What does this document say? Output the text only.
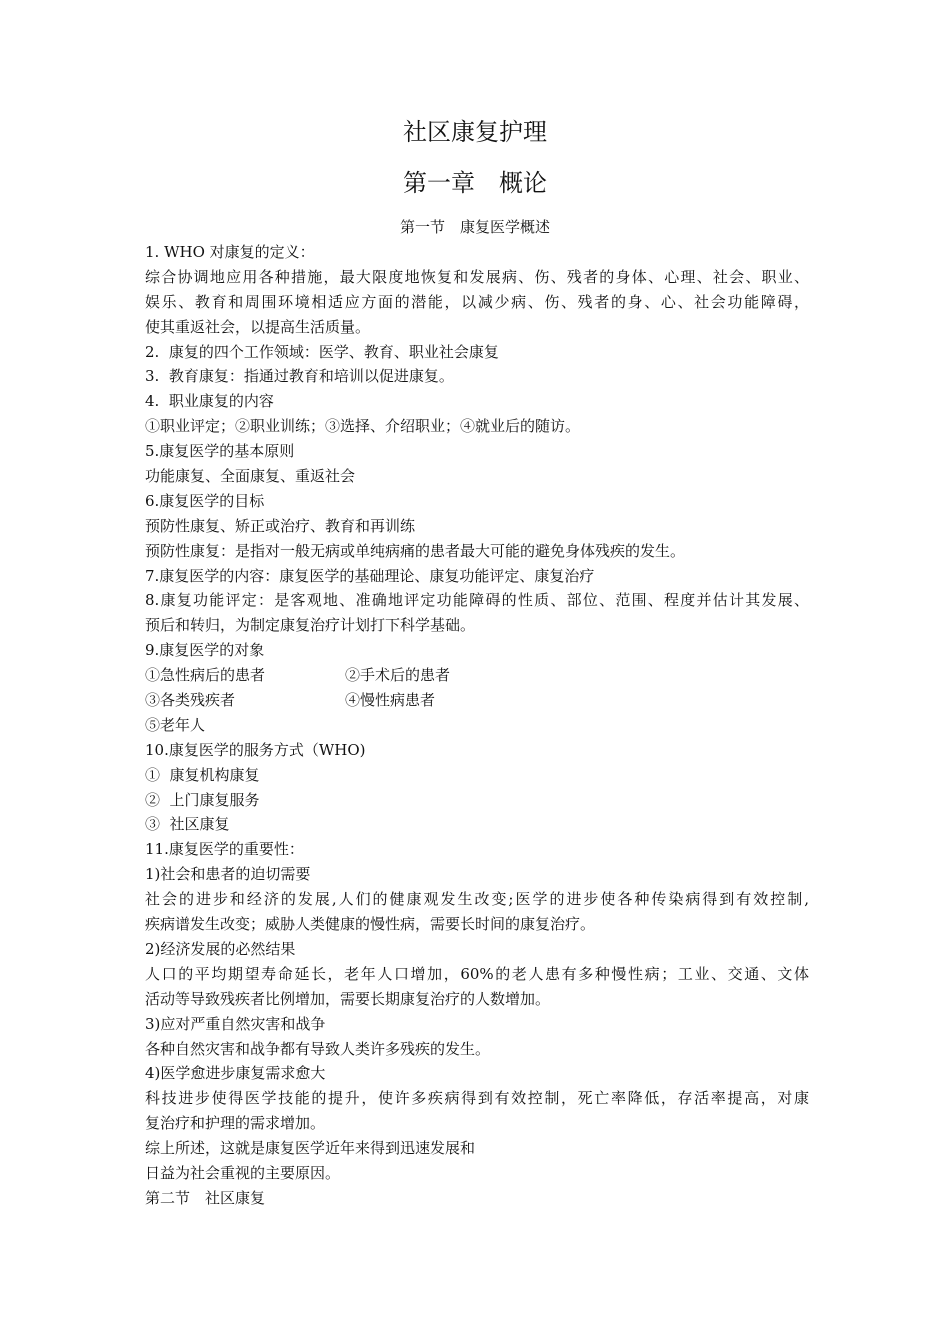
社区康复护理
第一章　概论
第一节　康复医学概述
1. WHO 对康复的定义：
综合协调地应用各种措施，最大限度地恢复和发展病、伤、残者的身体、心理、社会、职业、
娱乐、教育和周围环境相适应方面的潜能，以减少病、伤、残者的身、心、社会功能障碍，
使其重返社会，以提高生活质量。
2.  康复的四个工作领域：医学、教育、职业社会康复
3.  教育康复：指通过教育和培训以促进康复。
4.  职业康复的内容
①职业评定；②职业训练；③选择、介绍职业；④就业后的随访。
5.康复医学的基本原则
功能康复、全面康复、重返社会
6.康复医学的目标
预防性康复、矫正或治疗、教育和再训练
预防性康复：是指对一般无病或单纯病痛的患者最大可能的避免身体残疾的发生。
7.康复医学的内容：康复医学的基础理论、康复功能评定、康复治疗
8.康复功能评定：是客观地、准确地评定功能障碍的性质、部位、范围、程度并估计其发展、
预后和转归，为制定康复治疗计划打下科学基础。
9.康复医学的对象
①急性病后的患者	②手术后的患者
③各类残疾者	④慢性病患者
⑤老年人
10.康复医学的服务方式（WHO)
①  康复机构康复
②  上门康复服务
③  社区康复
11.康复医学的重要性：
1)社会和患者的迫切需要
社会的进步和经济的发展,人们的健康观发生改变;医学的进步使各种传染病得到有效控制,
疾病谱发生改变；威胁人类健康的慢性病，需要长时间的康复治疗。
2)经济发展的必然结果
人口的平均期望寿命延长，老年人口增加，60%的老人患有多种慢性病；工业、交通、文体
活动等导致残疾者比例增加，需要长期康复治疗的人数增加。
3)应对严重自然灾害和战争
各种自然灾害和战争都有导致人类许多残疾的发生。
4)医学愈进步康复需求愈大
科技进步使得医学技能的提升，使许多疾病得到有效控制，死亡率降低，存活率提高，对康
复治疗和护理的需求增加。
综上所述，这就是康复医学近年来得到迅速发展和
日益为社会重视的主要原因。
第二节　社区康复
